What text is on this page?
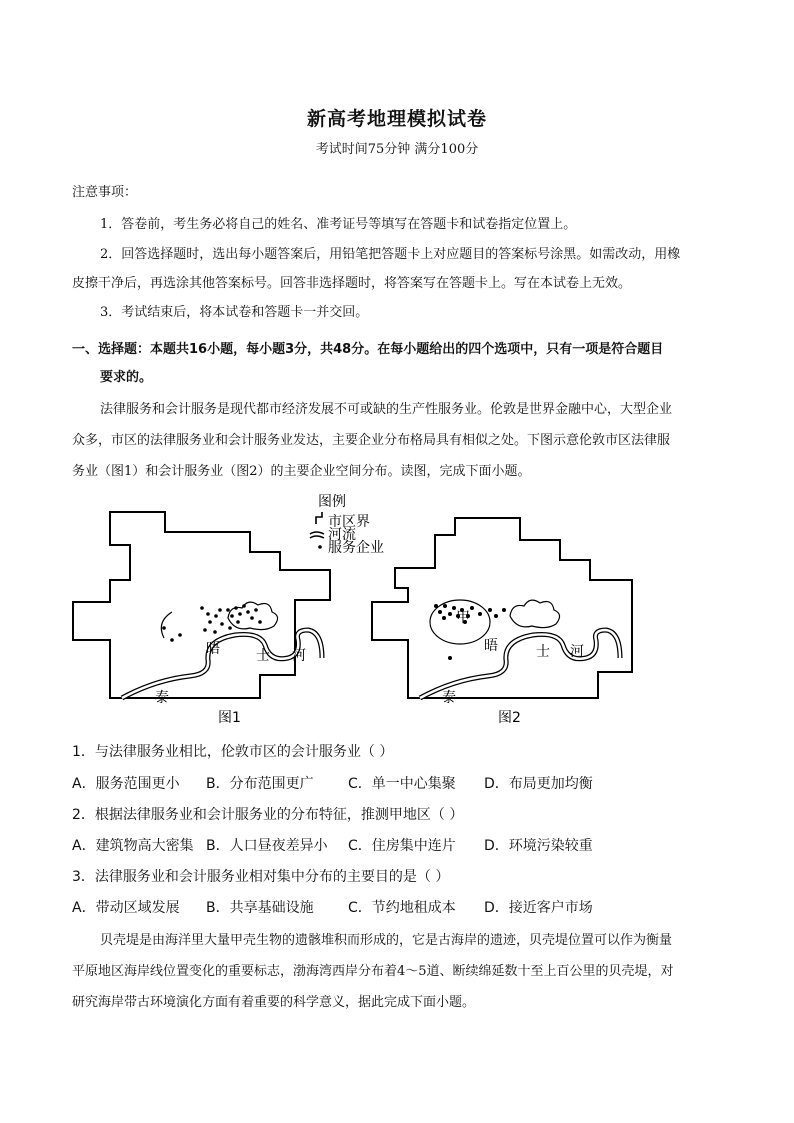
新高考地理模拟试卷
考试时间75分钟 满分100分
注意事项：
1．答卷前，考生务必将自己的姓名、准考证号等填写在答题卡和试卷指定位置上。
2．回答选择题时，选出每小题答案后，用铅笔把答题卡上对应题目的答案标号涂黑。如需改动，用橡
皮擦干净后，再选涂其他答案标号。回答非选择题时，将答案写在答题卡上。写在本试卷上无效。
3．考试结束后，将本试卷和答题卡一并交回。
一、选择题：本题共16小题，每小题3分，共48分。在每小题给出的四个选项中，只有一项是符合题目
要求的。
法律服务和会计服务是现代都市经济发展不可或缺的生产性服务业。伦敦是世界金融中心，大型企业
众多，市区的法律服务业和会计服务业发达，主要企业分布格局具有相似之处。下图示意伦敦市区法律服
务业（图1）和会计服务业（图2）的主要企业空间分布。读图，完成下面小题。
晤	士 河
泰
晤	士 河
泰
甲
图例
市区界
河流
服务企业
图1	图2
1．与法律服务业相比，伦敦市区的会计服务业（ ）
A．服务范围更小 B．分布范围更广 C．单一中心集聚 D．布局更加均衡
2．根据法律服务业和会计服务业的分布特征，推测甲地区（ ）
A．建筑物高大密集 B．人口昼夜差异小 C．住房集中连片 D．环境污染较重
3．法律服务业和会计服务业相对集中分布的主要目的是（ ）
A．带动区域发展 B．共享基础设施 C．节约地租成本 D．接近客户市场
贝壳堤是由海洋里大量甲壳生物的遗骸堆积而形成的，它是古海岸的遗迹，贝壳堤位置可以作为衡量
平原地区海岸线位置变化的重要标志，渤海湾西岸分布着4～5道、断续绵延数十至上百公里的贝壳堤，对
研究海岸带古环境演化方面有着重要的科学意义，据此完成下面小题。
